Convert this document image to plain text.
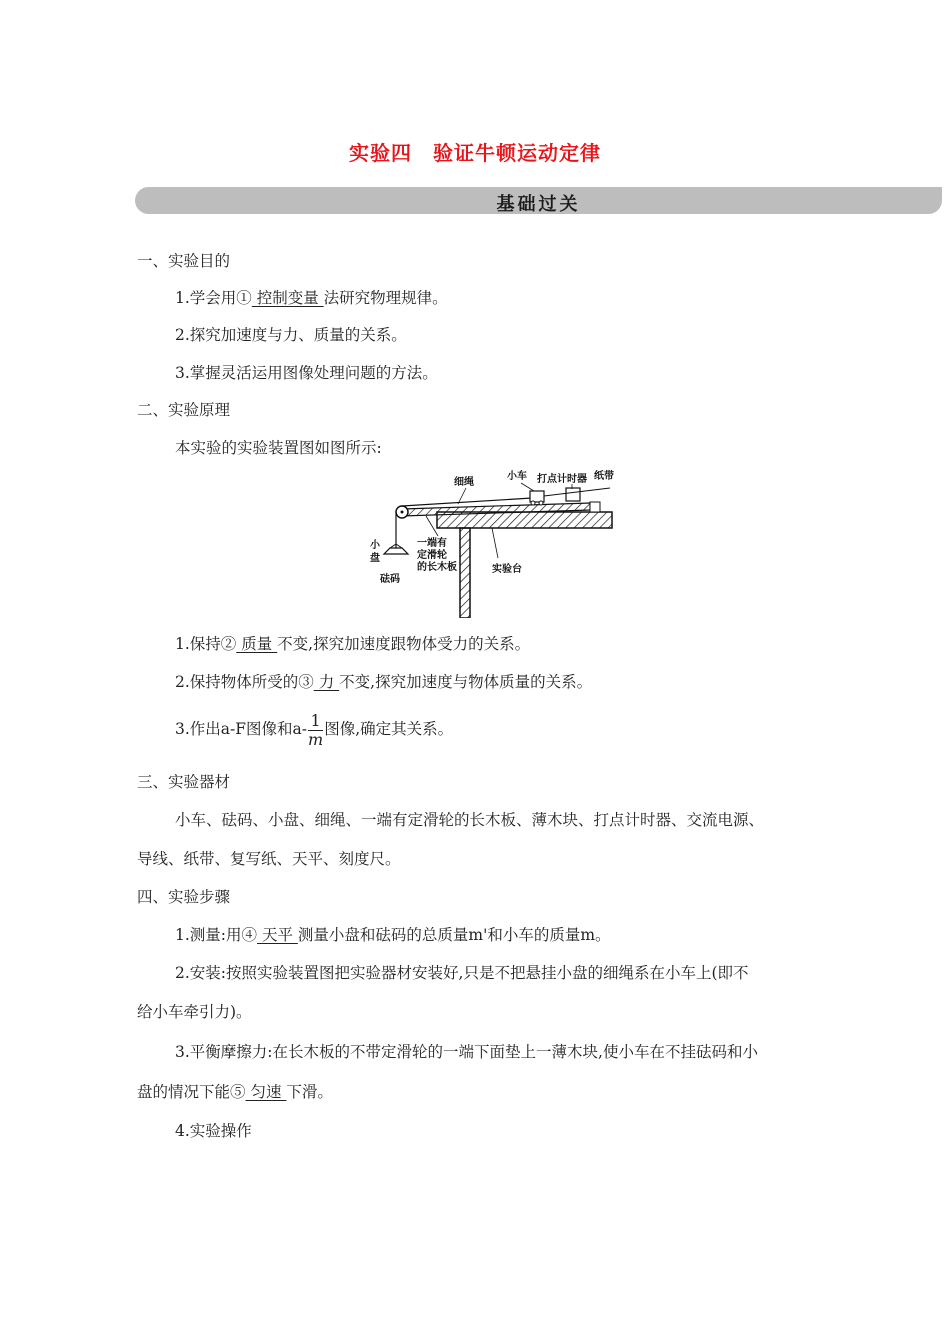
实验四　验证牛顿运动定律
基础过关
一、实验目的
1.学会用① 控制变量 法研究物理规律。
2.探究加速度与力、质量的关系。
3.掌握灵活运用图像处理问题的方法。
二、实验原理
本实验的实验装置图如图所示:
细绳
小车 打点计时器 纸带
小
盘
砝码
一端有
定滑轮
的长木板	实验台
1.保持② 质量 不变,探究加速度跟物体受力的关系。
2.保持物体所受的③ 力 不变,探究加速度与物体质量的关系。
3.作出a-F图像和$a- \frac{1}{m}$ 图像,确定其关系。
三、实验器材
小车、砝码、小盘、细绳、一端有定滑轮的长木板、薄木块、打点计时器、交流电源、
导线、纸带、复写纸、天平、刻度尺。
四、实验步骤
1.测量:用④ 天平 测量小盘和砝码的总质量m'和小车的质量m。
2.安装:按照实验装置图把实验器材安装好,只是不把悬挂小盘的细绳系在小车上(即不
给小车牵引力)。
3.平衡摩擦力:在长木板的不带定滑轮的一端下面垫上一薄木块,使小车在不挂砝码和小
盘的情况下能⑤ 匀速 下滑。
4.实验操作
